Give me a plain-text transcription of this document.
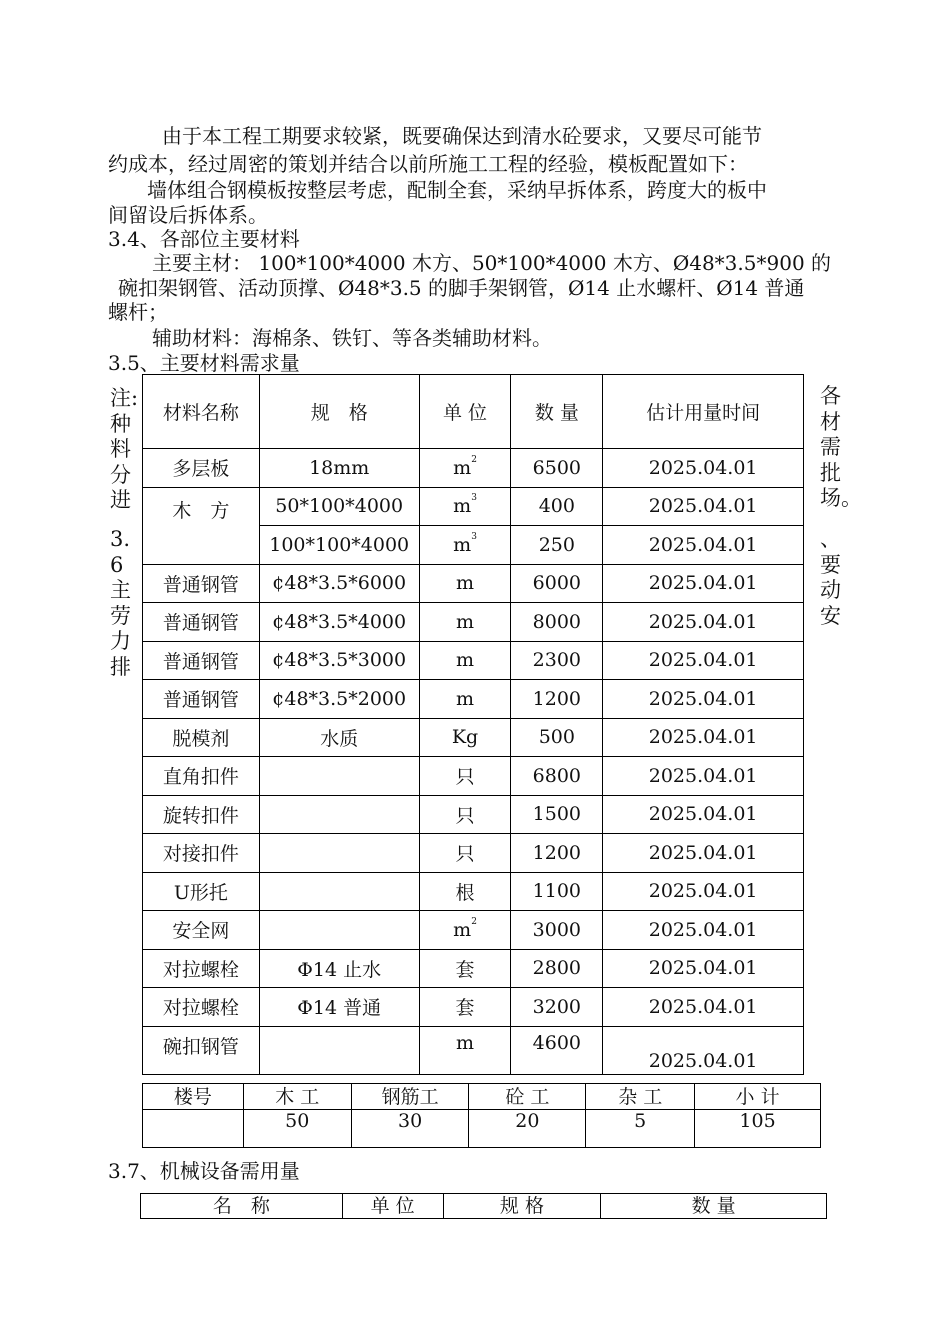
由于本工程工期要求较紧，既要确保达到清水砼要求，又要尽可能节
约成本，经过周密的策划并结合以前所施工工程的经验，模板配置如下：
墙体组合钢模板按整层考虑，配制全套，采纳早拆体系，跨度大的板中
间留设后拆体系。
3.4、各部位主要材料
主要主材： 100*100*4000 木方、50*100*4000 木方、Ø48*3.5*900 的
碗扣架钢管、活动顶撑、Ø48*3.5 的脚手架钢管，Ø14 止水螺杆、Ø14 普通
螺杆；
辅助材料：海棉条、铁钉、等各类辅助材料。
3.5、主要材料需求量
注:种料分进
3.6主劳力排
各材需批场。
、要动安
材料名称	规　格	单 位	数 量	估计用量时间
多层板	18mm	$m^2$	6500	2025.04.01
木　方	50*100*4000	$m^3$	400	2025.04.01
	100*100*4000	$m^3$	250	2025.04.01
普通钢管	¢48*3.5*6000	m	6000	2025.04.01
普通钢管	¢48*3.5*4000	m	8000	2025.04.01
普通钢管	¢48*3.5*3000	m	2300	2025.04.01
普通钢管	¢48*3.5*2000	m	1200	2025.04.01
脱模剂	水质	Kg	500	2025.04.01
直角扣件		只	6800	2025.04.01
旋转扣件		只	1500	2025.04.01
对接扣件		只	1200	2025.04.01
U形托		根	1100	2025.04.01
安全网		$m^2$	3000	2025.04.01
对拉螺栓	Φ14 止水	套	2800	2025.04.01
对拉螺栓	Φ14 普通	套	3200	2025.04.01
碗扣钢管		m	4600	2025.04.01
楼号	木 工	钢筋工	砼 工	杂 工	小 计
	50	30	20	5	105
3.7、机械设备需用量
名　称	单 位	规 格	数 量
